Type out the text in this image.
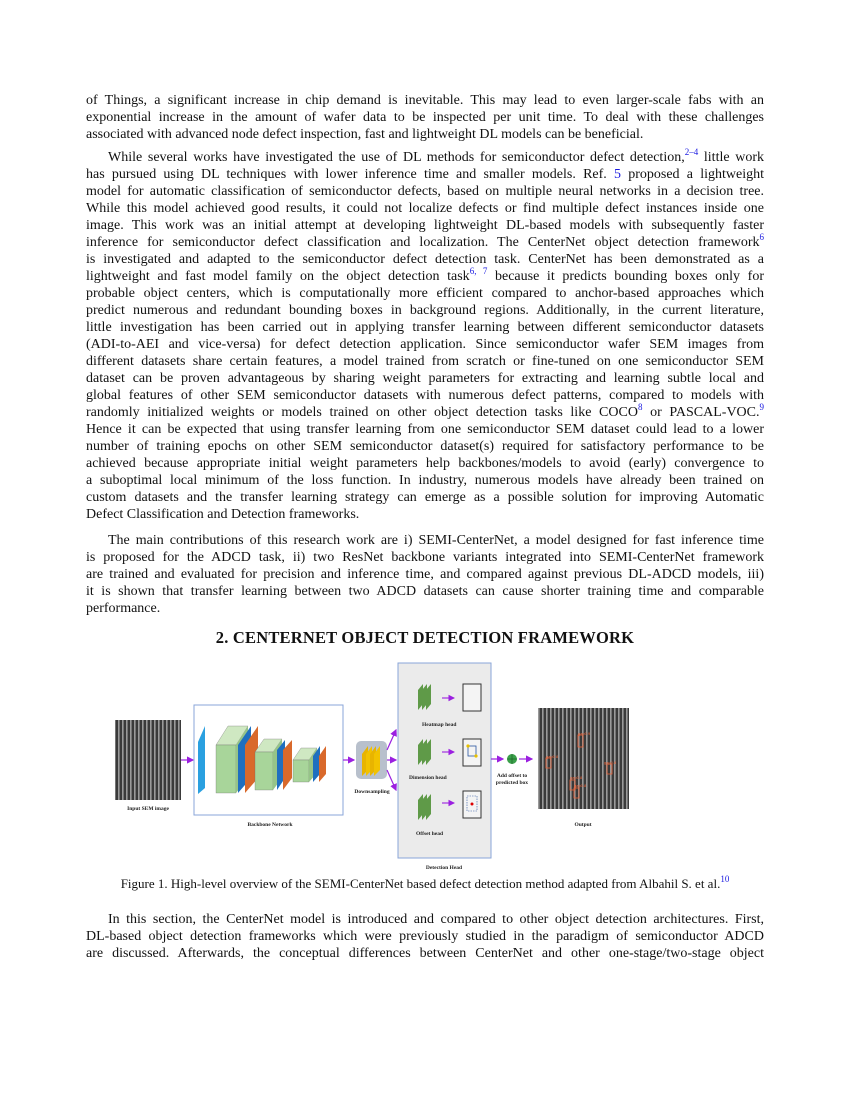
of Things, a significant increase in chip demand is inevitable. This may lead to even larger-scale fabs with an
exponential increase in the amount of wafer data to be inspected per unit time. To deal with these challenges
associated with advanced node defect inspection, fast and lightweight DL models can be beneficial.
While several works have investigated the use of DL methods for semiconductor defect detection,$^{2-4}$ little work
has pursued using DL techniques with lower inference time and smaller models. Ref. 5 proposed a lightweight
model for automatic classification of semiconductor defects, based on multiple neural networks in a decision tree.
While this model achieved good results, it could not localize defects or find multiple defect instances inside one
image. This work was an initial attempt at developing lightweight DL-based models with subsequently faster
inference for semiconductor defect classification and localization. The CenterNet object detection framework$^6$
is investigated and adapted to the semiconductor defect detection task. CenterNet has been demonstrated as a
lightweight and fast model family on the object detection task$^{6, 7}$ because it predicts bounding boxes only for
probable object centers, which is computationally more efficient compared to anchor-based approaches which
predict numerous and redundant bounding boxes in background regions. Additionally, in the current literature,
little investigation has been carried out in applying transfer learning between different semiconductor datasets
(ADI-to-AEI and vice-versa) for defect detection application. Since semiconductor wafer SEM images from
different datasets share certain features, a model trained from scratch or fine-tuned on one semiconductor SEM
dataset can be proven advantageous by sharing weight parameters for extracting and learning subtle local and
global features of other SEM semiconductor datasets with numerous defect patterns, compared to models with
randomly initialized weights or models trained on other object detection tasks like COCO$^8$ or PASCAL-VOC.$^9$
Hence it can be expected that using transfer learning from one semiconductor SEM dataset could lead to a lower
number of training epochs on other SEM semiconductor dataset(s) required for satisfactory performance to be
achieved because appropriate initial weight parameters help backbones/models to avoid (early) convergence to
a suboptimal local minimum of the loss function. In industry, numerous models have already been trained on
custom datasets and the transfer learning strategy can emerge as a possible solution for improving Automatic
Defect Classification and Detection frameworks.
The main contributions of this research work are i) SEMI-CenterNet, a model designed for fast inference time
is proposed for the ADCD task, ii) two ResNet backbone variants integrated into SEMI-CenterNet framework
are trained and evaluated for precision and inference time, and compared against previous DL-ADCD models, iii)
it is shown that transfer learning between two ADCD datasets can cause shorter training time and comparable
performance.
2. CENTERNET OBJECT DETECTION FRAMEWORK
Input SEM image
Backbone Network
Downsampling
Heatmap head
Dimension head
Offset head
Detection Head
Add offset to
predicted box
gap0.9
gap0.8
gap0.8
gap0.8
gap0.8
Output
Figure 1. High-level overview of the SEMI-CenterNet based defect detection method adapted from Albahil S. et al.$^{10}$
In this section, the CenterNet model is introduced and compared to other object detection architectures. First,
DL-based object detection frameworks which were previously studied in the paradigm of semiconductor ADCD
are discussed. Afterwards, the conceptual differences between CenterNet and other one-stage/two-stage object
